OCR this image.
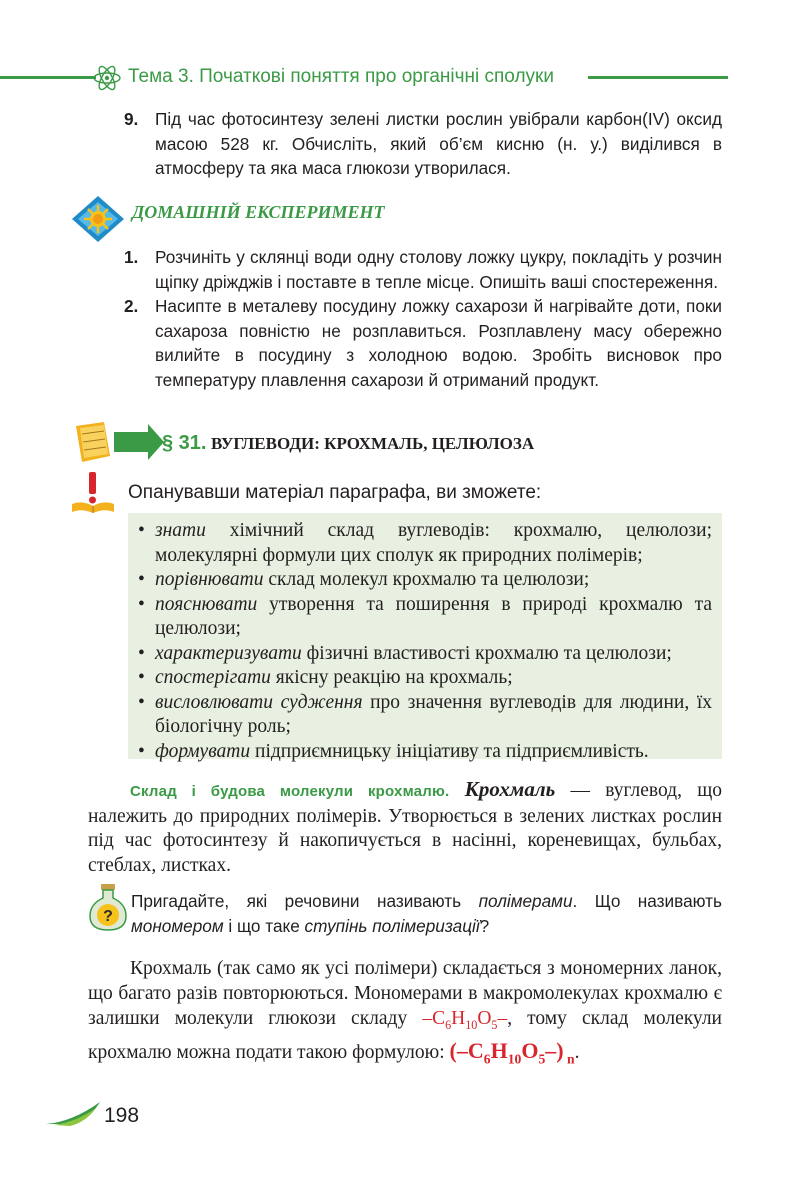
Тема 3. Початкові поняття про органічні сполуки
9. Під час фотосинтезу зелені листки рослин увібрали карбон(IV) оксид масою 528 кг. Обчисліть, який об’єм кисню (н. у.) виділився в атмосферу та яка маса глюкози утворилася.
ДОМАШНІЙ ЕКСПЕРИМЕНТ
1. Розчиніть у склянці води одну столову ложку цукру, покладіть у розчин щіпку дріжджів і поставте в тепле місце. Опишіть ваші спостереження.
2. Насипте в металеву посудину ложку сахарози й нагрівайте доти, поки сахароза повністю не розплавиться. Розплавлену масу обережно вилийте в посудину з холодною водою. Зробіть висновок про температуру плавлення сахарози й отриманий продукт.
§ 31. ВУГЛЕВОДИ: КРОХМАЛЬ, ЦЕЛЮЛОЗА
Опанувавши матеріал параграфа, ви зможете:
• знати хімічний склад вуглеводів: крохмалю, целюлози; молекулярні формули цих сполук як природних полімерів;
• порівнювати склад молекул крохмалю та целюлози;
• пояснювати утворення та поширення в природі крохмалю та целюлози;
• характеризувати фізичні властивості крохмалю та целюлози;
• спостерігати якісну реакцію на крохмаль;
• висловлювати судження про значення вуглеводів для людини, їх біологічну роль;
• формувати підприємницьку ініціативу та підприємливість.
Склад і будова молекули крохмалю. Крохмаль — вуглевод, що належить до природних полімерів. Утворюється в зелених листках рослин під час фотосинтезу й накопичується в насінні, кореневищах, бульбах, стеблах, листках.
?
Пригадайте, які речовини називають полімерами. Що називають мономером і що таке ступінь полімеризації?
Крохмаль (так само як усі полімери) складається з мономерних ланок, що багато разів повторюються. Мономерами в макромолекулах крохмалю є залишки молекули глюкози складу $-C_6H_{10}O_5-$, тому склад молекули крохмалю можна подати такою формулою: $(-C_6H_{10}O_5-)$ $_n$.
198
